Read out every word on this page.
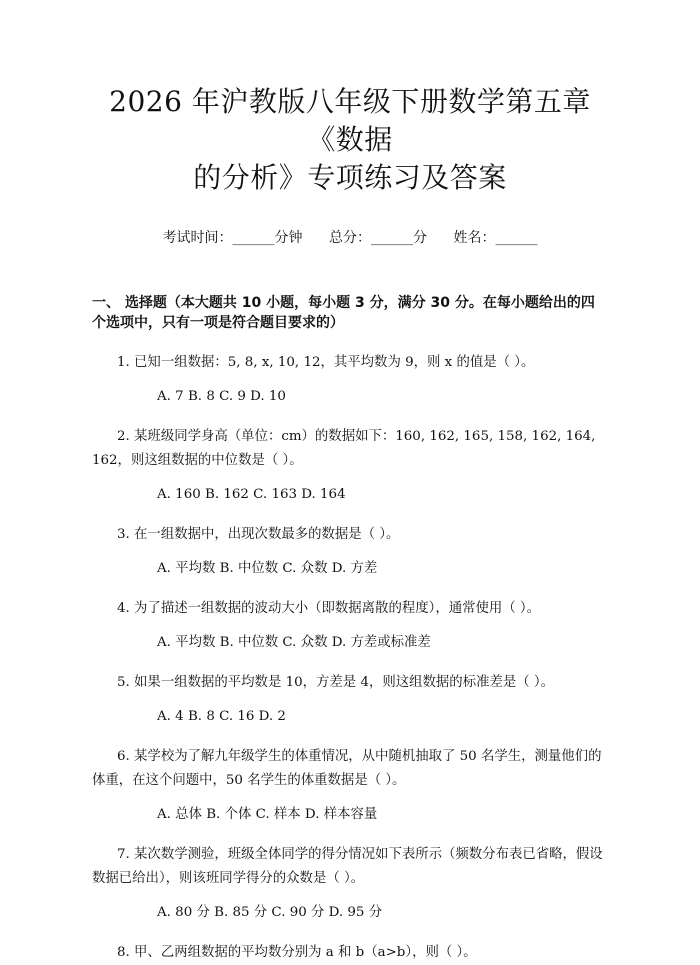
2026 年沪教版八年级下册数学第五章《数据
的分析》专项练习及答案
考试时间：______分钟 总分：______分 姓名：______
一、 选择题（本大题共 10 小题，每小题 3 分，满分 30 分。在每小题给出的四个选项中，只有一项是符合题目要求的）
1. 已知一组数据：5, 8, x, 10, 12，其平均数为 9，则 x 的值是（ ）。
A. 7 B. 8 C. 9 D. 10
2. 某班级同学身高（单位：cm）的数据如下：160, 162, 165, 158, 162, 164, 162，则这组数据的中位数是（ ）。
A. 160 B. 162 C. 163 D. 164
3. 在一组数据中，出现次数最多的数据是（ ）。
A. 平均数 B. 中位数 C. 众数 D. 方差
4. 为了描述一组数据的波动大小（即数据离散的程度），通常使用（ ）。
A. 平均数 B. 中位数 C. 众数 D. 方差或标准差
5. 如果一组数据的平均数是 10，方差是 4，则这组数据的标准差是（ ）。
A. 4 B. 8 C. 16 D. 2
6. 某学校为了解九年级学生的体重情况，从中随机抽取了 50 名学生，测量他们的体重，在这个问题中，50 名学生的体重数据是（ ）。
A. 总体 B. 个体 C. 样本 D. 样本容量
7. 某次数学测验，班级全体同学的得分情况如下表所示（频数分布表已省略，假设数据已给出），则该班同学得分的众数是（ ）。
A. 80 分 B. 85 分 C. 90 分 D. 95 分
8. 甲、乙两组数据的平均数分别为 a 和 b（a>b），则（ ）。
